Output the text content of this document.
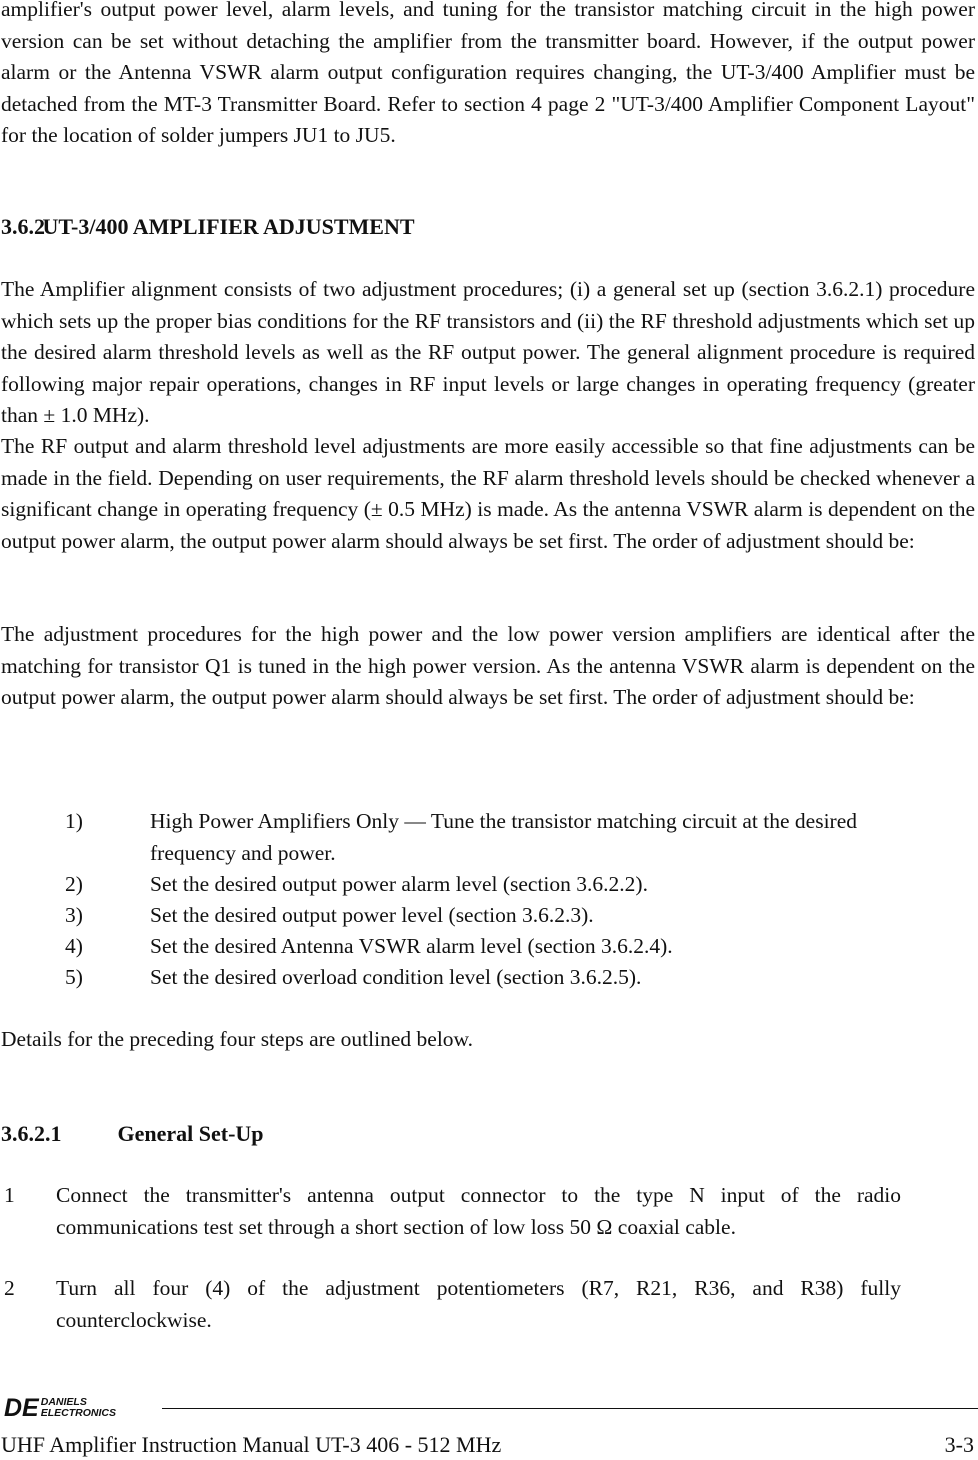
amplifier's output power level, alarm levels, and tuning for the transistor matching circuit in the high power version can be set without detaching the amplifier from the transmitter board. However, if the output power alarm or the Antenna VSWR alarm output configuration requires changing, the UT-3/400 Amplifier must be detached from the MT-3 Transmitter Board. Refer to section 4 page 2 "UT-3/400 Amplifier Component Layout" for the location of solder jumpers JU1 to JU5.

3.6.2 UT-3/400 AMPLIFIER ADJUSTMENT

The Amplifier alignment consists of two adjustment procedures; (i) a general set up (section 3.6.2.1) procedure which sets up the proper bias conditions for the RF transistors and (ii) the RF threshold adjustments which set up the desired alarm threshold levels as well as the RF output power. The general alignment procedure is required following major repair operations, changes in RF input levels or large changes in operating frequency (greater than ± 1.0 MHz).

The RF output and alarm threshold level adjustments are more easily accessible so that fine adjustments can be made in the field. Depending on user requirements, the RF alarm threshold levels should be checked whenever a significant change in operating frequency (± 0.5 MHz) is made. As the antenna VSWR alarm is dependent on the output power alarm, the output power alarm should always be set first. The order of adjustment should be:

The adjustment procedures for the high power and the low power version amplifiers are identical after the matching for transistor Q1 is tuned in the high power version. As the antenna VSWR alarm is dependent on the output power alarm, the output power alarm should always be set first. The order of adjustment should be:

1)	High Power Amplifiers Only — Tune the transistor matching circuit at the desired frequency and power.
2)	Set the desired output power alarm level (section 3.6.2.2).
3)	Set the desired output power level (section 3.6.2.3).
4)	Set the desired Antenna VSWR alarm level (section 3.6.2.4).
5)	Set the desired overload condition level (section 3.6.2.5).

Details for the preceding four steps are outlined below.

3.6.2.1	General Set-Up
1 Connect the transmitter's antenna output connector to the type N input of the radio communications test set through a short section of low loss 50 Ω coaxial cable.

2 Turn all four (4) of the adjustment potentiometers (R7, R21, R36, and R38) fully counterclockwise.

DE DANIELS
ELECTRONICS
UHF Amplifier Instruction Manual UT-3 406 - 512 MHz	3-3
